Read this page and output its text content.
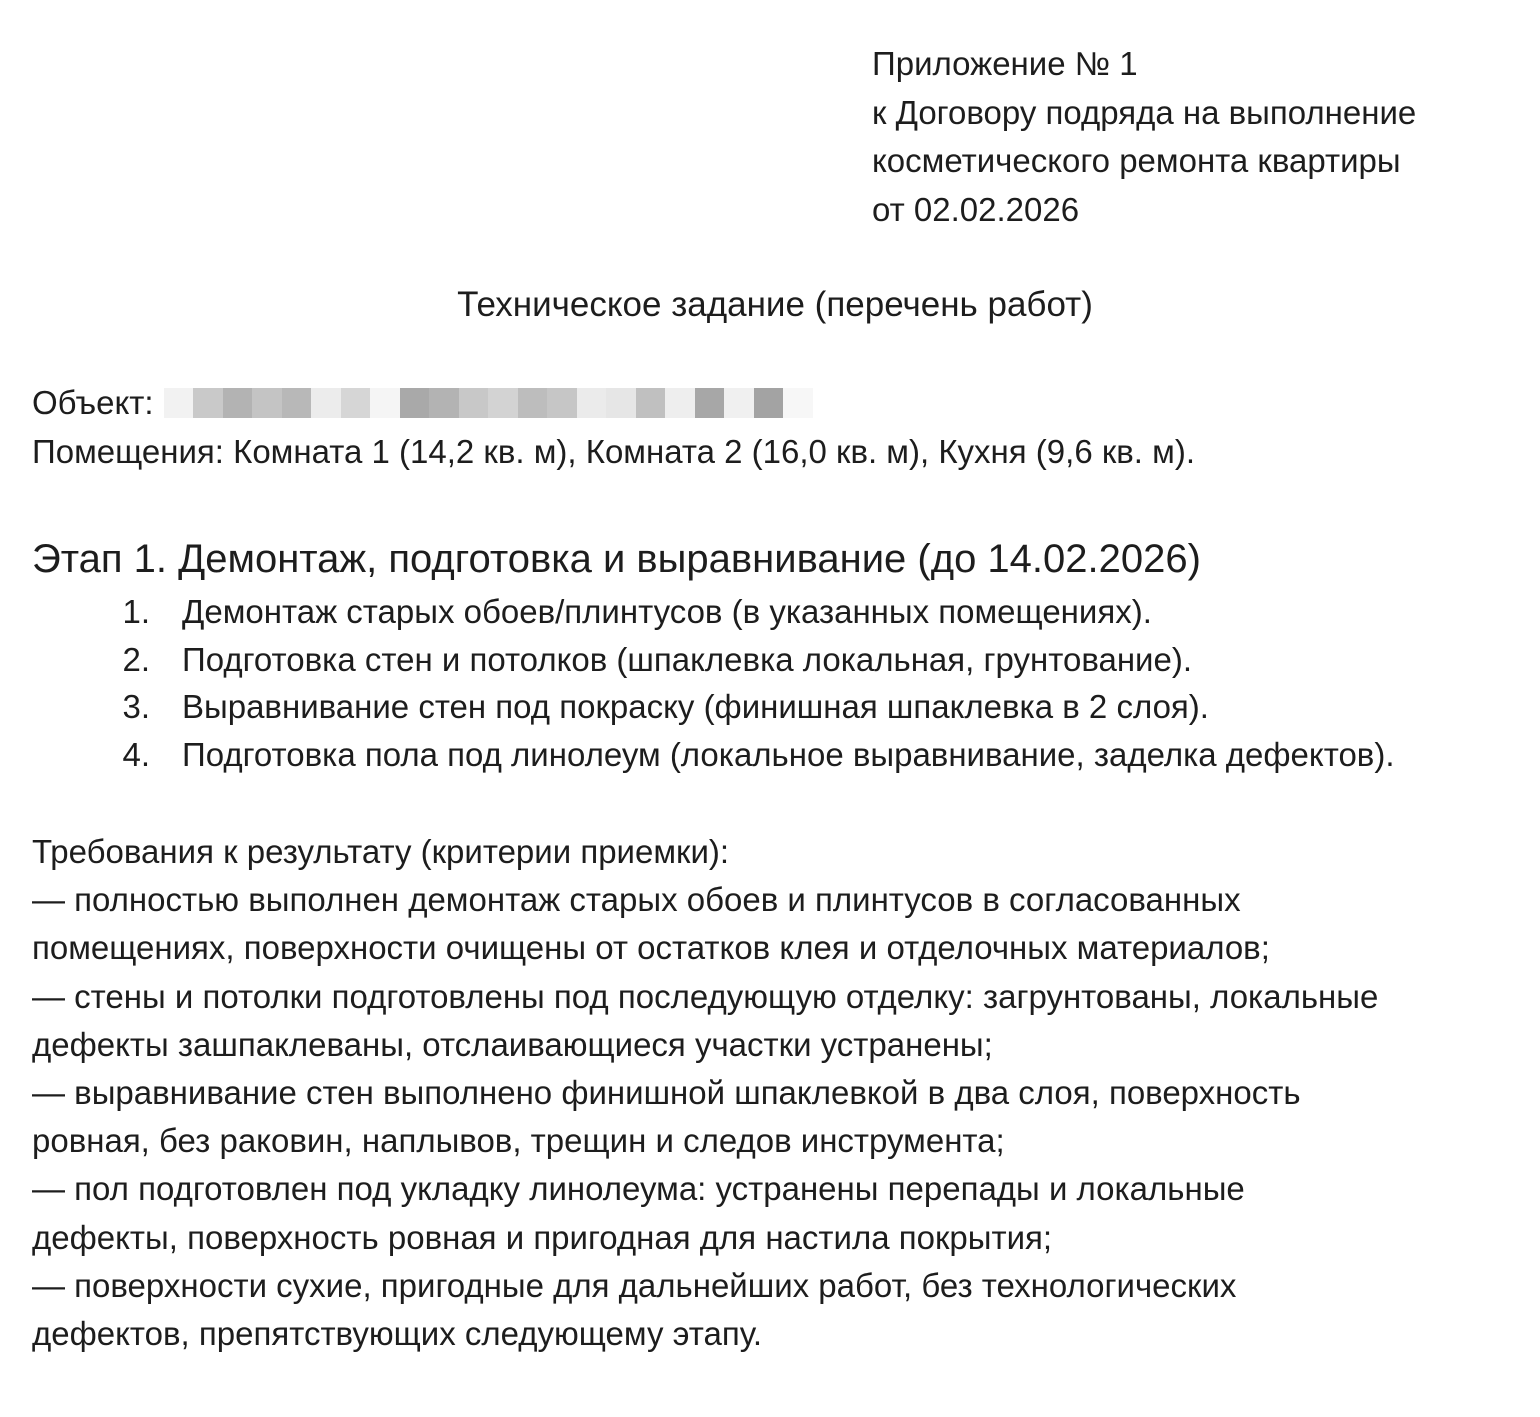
Приложение № 1
к Договору подряда на выполнение
косметического ремонта квартиры
от 02.02.2026
Техническое задание (перечень работ)
Объект:
Помещения: Комната 1 (14,2 кв. м), Комната 2 (16,0 кв. м), Кухня (9,6 кв. м).
Этап 1. Демонтаж, подготовка и выравнивание (до 14.02.2026)
1. Демонтаж старых обоев/плинтусов (в указанных помещениях).
2. Подготовка стен и потолков (шпаклевка локальная, грунтование).
3. Выравнивание стен под покраску (финишная шпаклевка в 2 слоя).
4. Подготовка пола под линолеум (локальное выравнивание, заделка дефектов).
Требования к результату (критерии приемки):
— полностью выполнен демонтаж старых обоев и плинтусов в согласованных
помещениях, поверхности очищены от остатков клея и отделочных материалов;
— стены и потолки подготовлены под последующую отделку: загрунтованы, локальные
дефекты зашпаклеваны, отслаивающиеся участки устранены;
— выравнивание стен выполнено финишной шпаклевкой в два слоя, поверхность
ровная, без раковин, наплывов, трещин и следов инструмента;
— пол подготовлен под укладку линолеума: устранены перепады и локальные
дефекты, поверхность ровная и пригодная для настила покрытия;
— поверхности сухие, пригодные для дальнейших работ, без технологических
дефектов, препятствующих следующему этапу.
